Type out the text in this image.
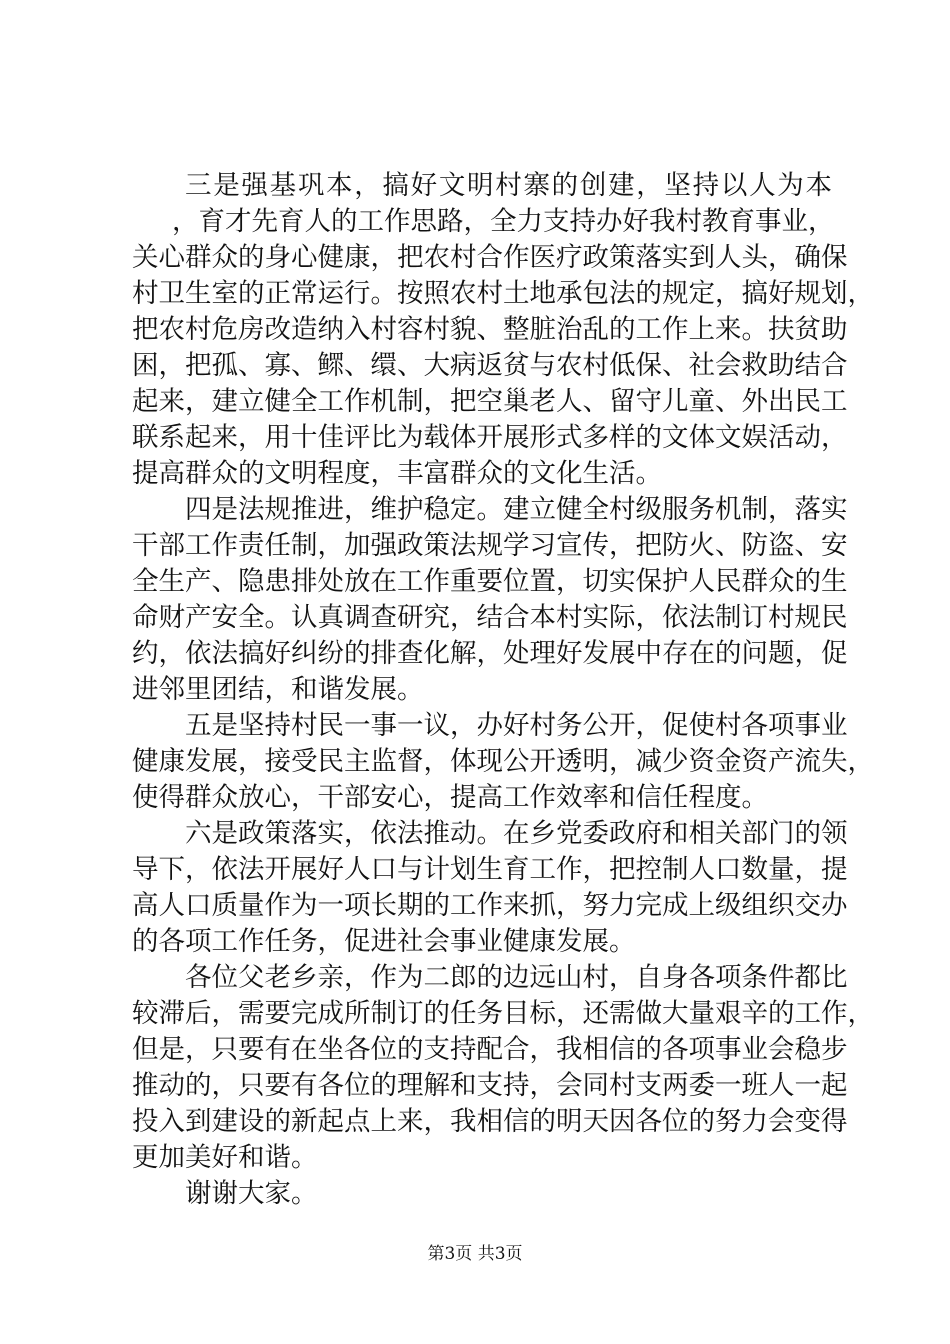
三是强基巩本，搞好文明村寨的创建，坚持以人为本
，育才先育人的工作思路，全力支持办好我村教育事业，
关心群众的身心健康，把农村合作医疗政策落实到人头，确保
村卫生室的正常运行。按照农村土地承包法的规定，搞好规划，
把农村危房改造纳入村容村貌、整脏治乱的工作上来。扶贫助
困，把孤、寡、鳏、缳、大病返贫与农村低保、社会救助结合
起来，建立健全工作机制，把空巢老人、留守儿童、外出民工
联系起来，用十佳评比为载体开展形式多样的文体文娱活动，
提高群众的文明程度，丰富群众的文化生活。
四是法规推进，维护稳定。建立健全村级服务机制，落实
干部工作责任制，加强政策法规学习宣传，把防火、防盗、安
全生产、隐患排处放在工作重要位置，切实保护人民群众的生
命财产安全。认真调查研究，结合本村实际，依法制订村规民
约，依法搞好纠纷的排查化解，处理好发展中存在的问题，促
进邻里团结，和谐发展。
五是坚持村民一事一议，办好村务公开，促使村各项事业
健康发展，接受民主监督，体现公开透明，减少资金资产流失，
使得群众放心，干部安心，提高工作效率和信任程度。
六是政策落实，依法推动。在乡党委政府和相关部门的领
导下，依法开展好人口与计划生育工作，把控制人口数量，提
高人口质量作为一项长期的工作来抓，努力完成上级组织交办
的各项工作任务，促进社会事业健康发展。
各位父老乡亲，作为二郎的边远山村，自身各项条件都比
较滞后，需要完成所制订的任务目标，还需做大量艰辛的工作，
但是，只要有在坐各位的支持配合，我相信的各项事业会稳步
推动的，只要有各位的理解和支持，会同村支两委一班人一起
投入到建设的新起点上来，我相信的明天因各位的努力会变得
更加美好和谐。
谢谢大家。
第3页 共3页
